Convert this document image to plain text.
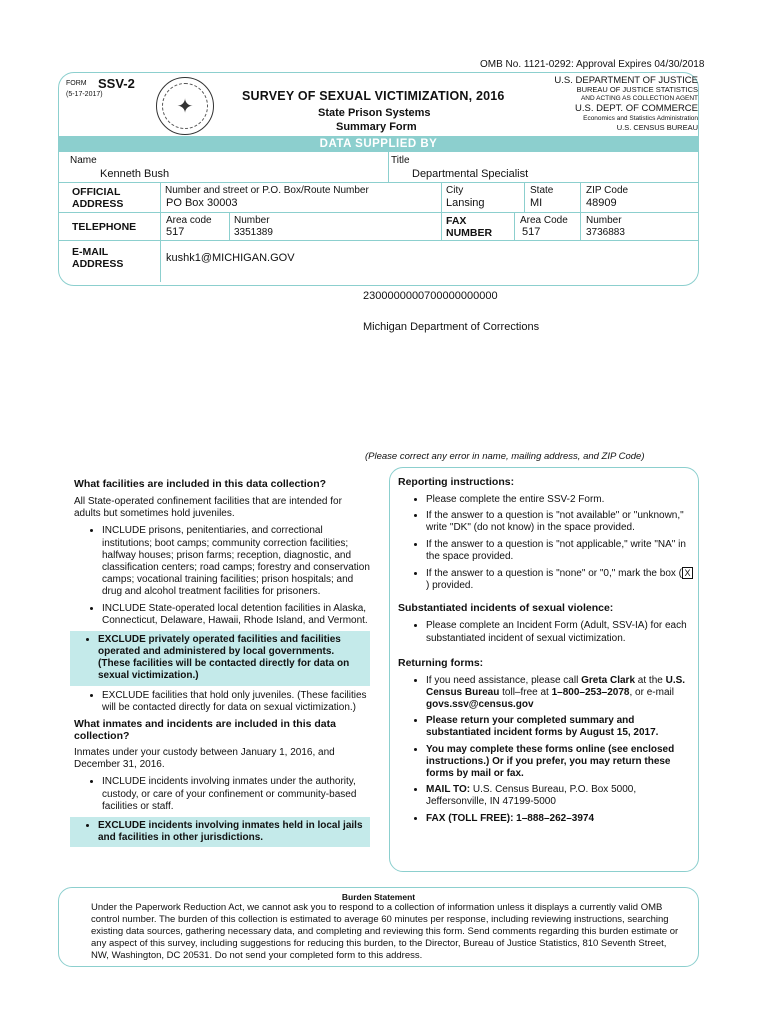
OMB No. 1121-0292: Approval Expires 04/30/2018
FORM SSV-2
(5-17-2017)
✦	SURVEY OF SEXUAL VICTIMIZATION, 2016
State Prison Systems
Summary Form
U.S. DEPARTMENT OF JUSTICE
BUREAU OF JUSTICE STATISTICS
AND ACTING AS COLLECTION AGENT
U.S. DEPT. OF COMMERCE
Economics and Statistics Administration
U.S. CENSUS BUREAU
DATA SUPPLIED BY
Name
Kenneth Bush
Title
Departmental Specialist
OFFICIAL ADDRESS
Number and street or P.O. Box/Route Number
PO Box 30003
City
Lansing
State
MI
ZIP Code
48909
TELEPHONE
Area code
517
Number
3351389
FAX NUMBER
Area Code
517
Number
3736883
E-MAIL ADDRESS
kushk1@MICHIGAN.GOV
2300000000700000000000
Michigan Department of Corrections
(Please correct any error in name, mailing address, and ZIP Code)
What facilities are included in this data collection?
All State-operated confinement facilities that are intended for adults but sometimes hold juveniles.
• INCLUDE prisons, penitentiaries, and correctional institutions; boot camps; community correction facilities; halfway houses; prison farms; reception, diagnostic, and classification centers; road camps; forestry and conservation camps; vocational training facilities; prison hospitals; and drug and alcohol treatment facilities for prisoners.
• INCLUDE State-operated local detention facilities in Alaska, Connecticut, Delaware, Hawaii, Rhode Island, and Vermont.
• EXCLUDE privately operated facilities and facilities operated and administered by local governments. (These facilities will be contacted directly for data on sexual victimization.)
• EXCLUDE facilities that hold only juveniles. (These facilities will be contacted directly for data on sexual victimization.)
What inmates and incidents are included in this data collection?
Inmates under your custody between January 1, 2016, and December 31, 2016.
• INCLUDE incidents involving inmates under the authority, custody, or care of your confinement or community-based facilities or staff.
• EXCLUDE incidents involving inmates held in local jails and facilities in other jurisdictions.
Reporting instructions:
• Please complete the entire SSV-2 Form.
• If the answer to a question is "not available" or "unknown," write "DK" (do not know) in the space provided.
• If the answer to a question is "not applicable," write "NA" in the space provided.
• If the answer to a question is "none" or "0," mark the box ( X) provided.
Substantiated incidents of sexual violence:
• Please complete an Incident Form (Adult, SSV-IA) for each substantiated incident of sexual victimization.
Returning forms:
• If you need assistance, please call Greta Clark at the U.S. Census Bureau toll–free at 1–800–253–2078, or e-mail govs.ssv@census.gov
• Please return your completed summary and substantiated incident forms by August 15, 2017.
• You may complete these forms online (see enclosed instructions.) Or if you prefer, you may return these forms by mail or fax.
• MAIL TO: U.S. Census Bureau, P.O. Box 5000, Jeffersonville, IN 47199-5000
• FAX (TOLL FREE): 1–888–262–3974
Burden Statement
Under the Paperwork Reduction Act, we cannot ask you to respond to a collection of information unless it displays a currently valid OMB control number. The burden of this collection is estimated to average 60 minutes per response, including reviewing instructions, searching existing data sources, gathering necessary data, and completing and reviewing this form. Send comments regarding this burden estimate or any aspect of this survey, including suggestions for reducing this burden, to the Director, Bureau of Justice Statistics, 810 Seventh Street, NW, Washington, DC 20531. Do not send your completed form to this address.
